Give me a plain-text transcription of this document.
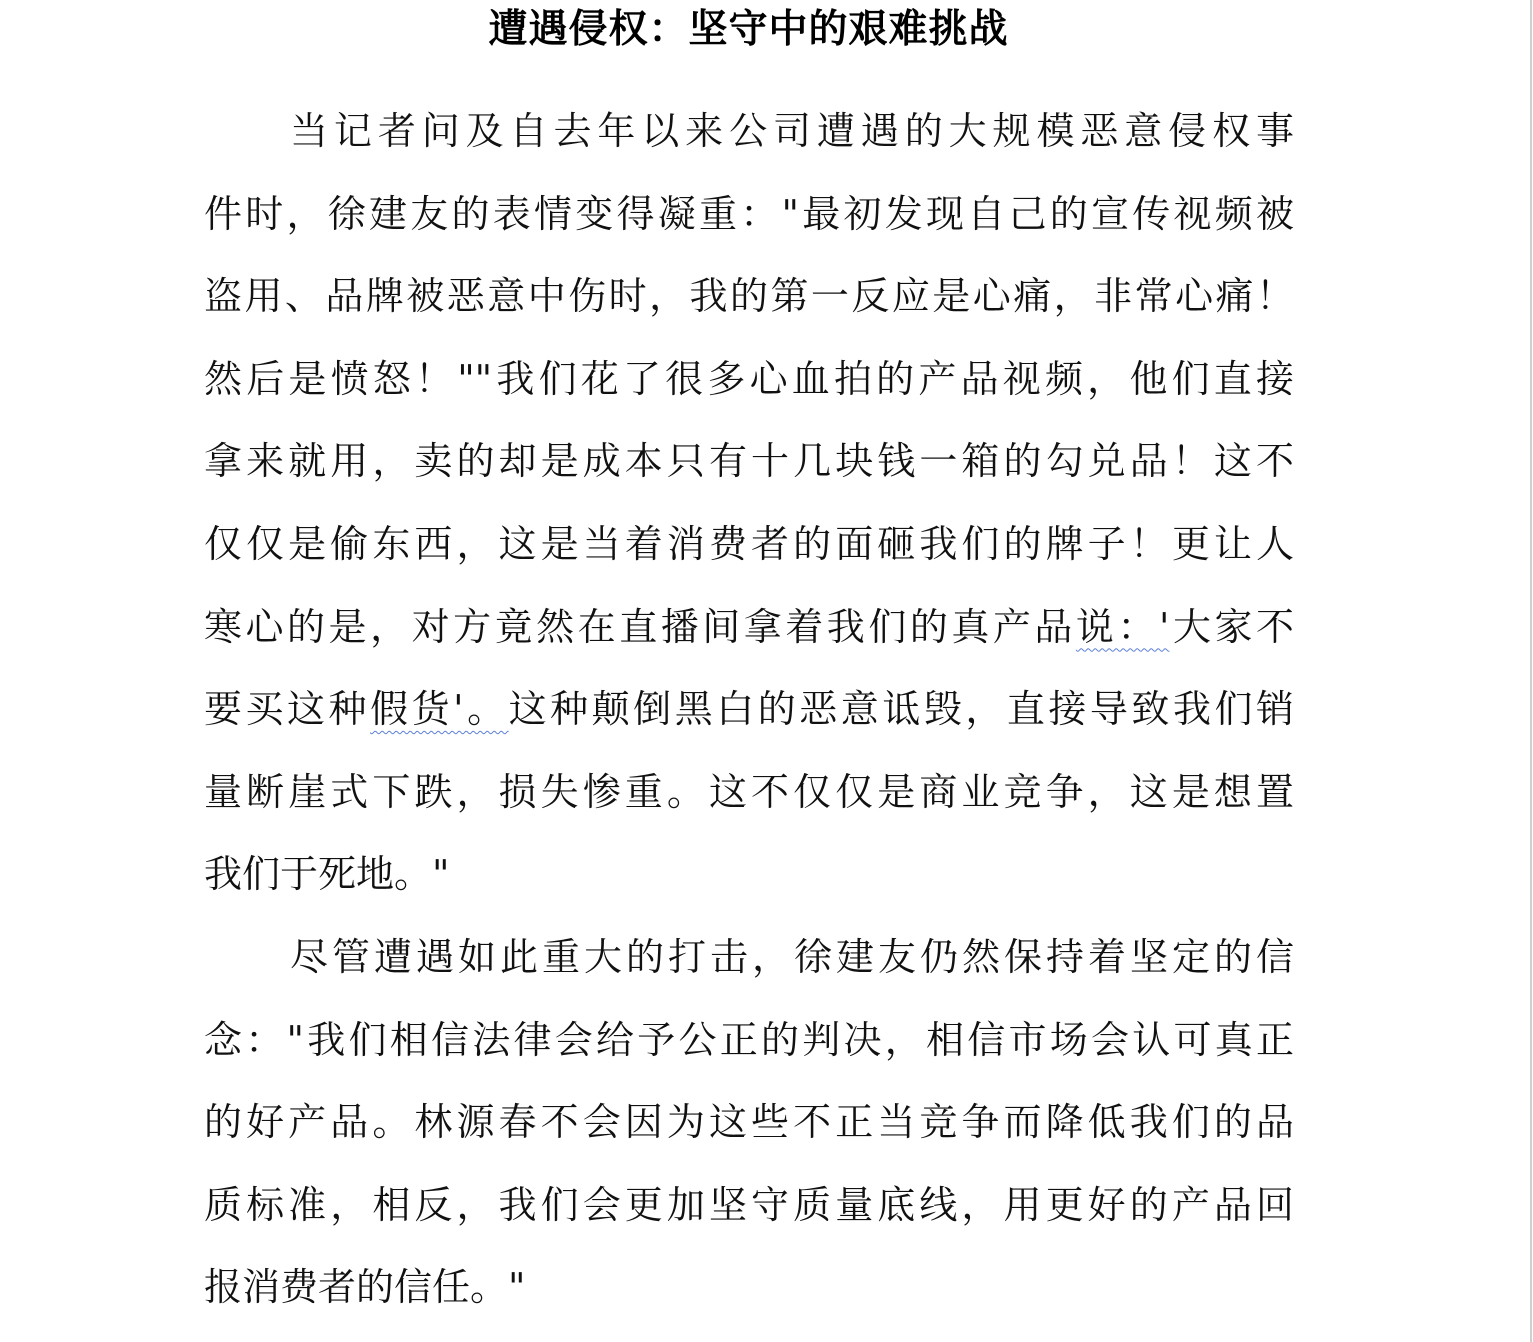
遭遇侵权：坚守中的艰难挑战
当记者问及自去年以来公司遭遇的大规模恶意侵权事
件时，徐建友的表情变得凝重："最初发现自己的宣传视频被
盗用、品牌被恶意中伤时，我的第一反应是心痛，非常心痛！
然后是愤怒！""我们花了很多心血拍的产品视频，他们直接
拿来就用，卖的却是成本只有十几块钱一箱的勾兑品！这不
仅仅是偷东西，这是当着消费者的面砸我们的牌子！更让人
寒心的是，对方竟然在直播间拿着我们的真产品说：'大家不
要买这种假货'。这种颠倒黑白的恶意诋毁，直接导致我们销
量断崖式下跌，损失惨重。这不仅仅是商业竞争，这是想置
我们于死地。"
尽管遭遇如此重大的打击，徐建友仍然保持着坚定的信
念："我们相信法律会给予公正的判决，相信市场会认可真正
的好产品。林源春不会因为这些不正当竞争而降低我们的品
质标准，相反，我们会更加坚守质量底线，用更好的产品回
报消费者的信任。"
